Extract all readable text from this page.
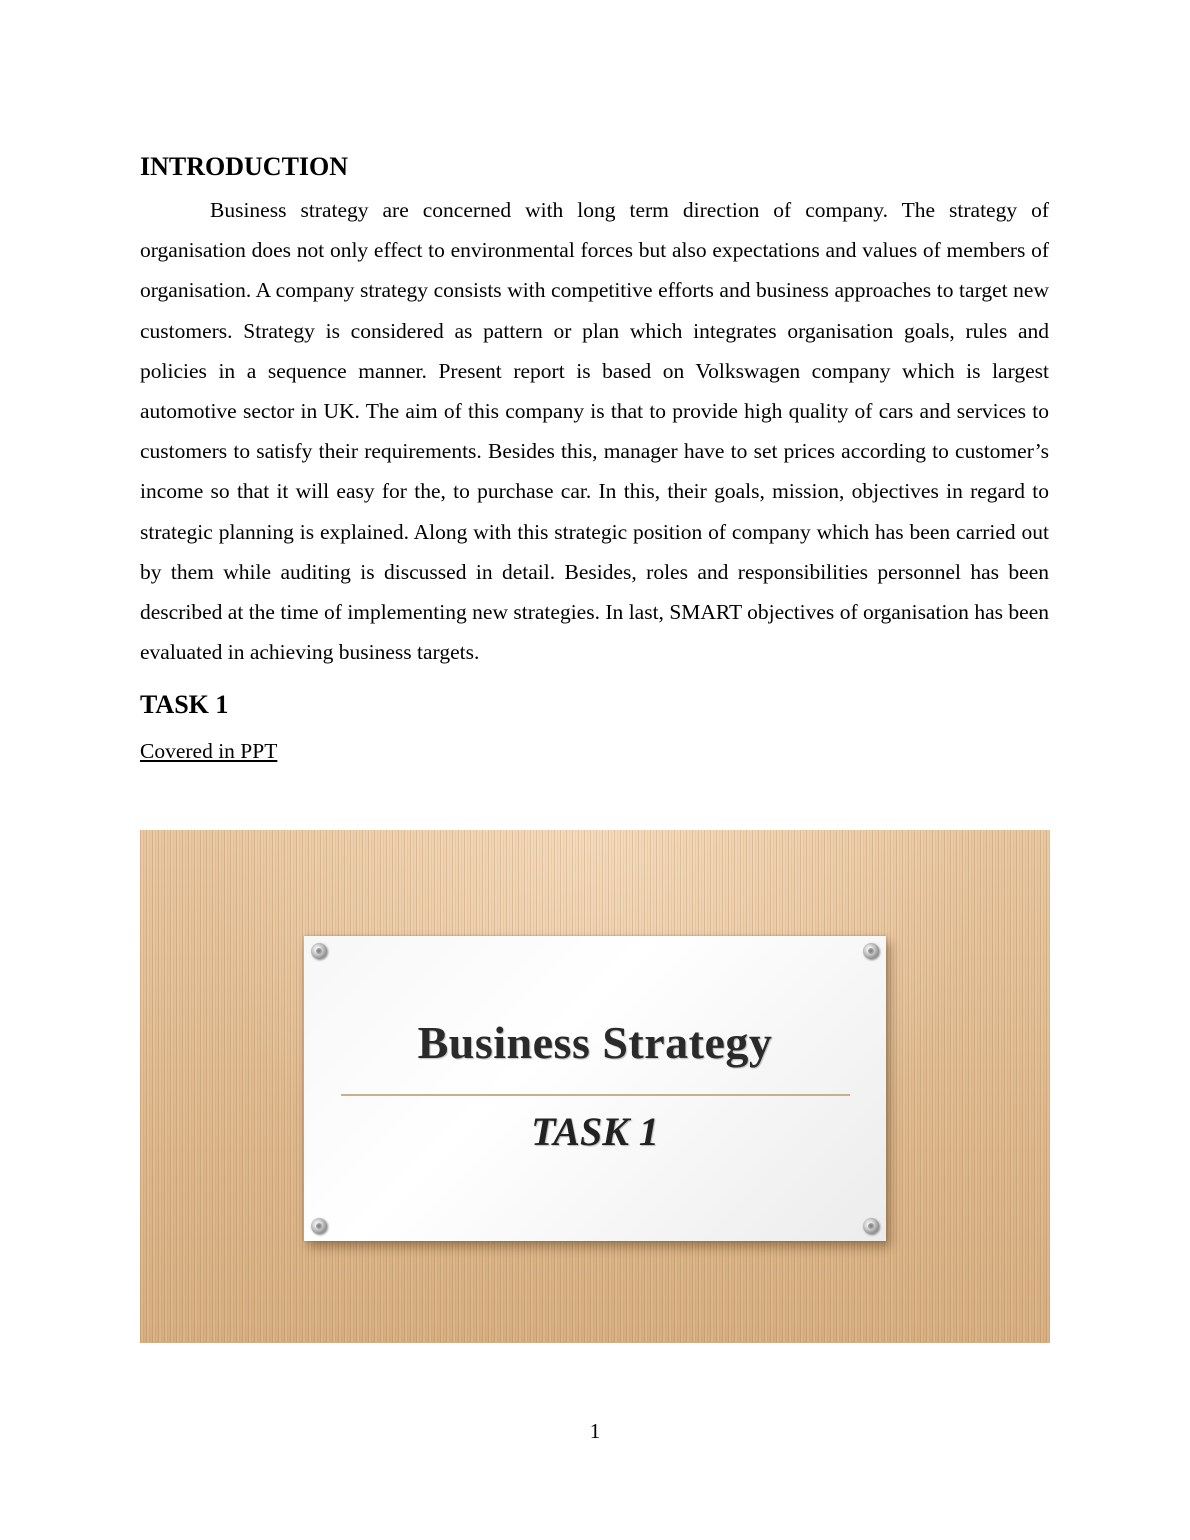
INTRODUCTION

Business strategy are concerned with long term direction of company. The strategy of organisation does not only effect to environmental forces but also expectations and values of members of organisation. A company strategy consists with competitive efforts and business approaches to target new customers. Strategy is considered as pattern or plan which integrates organisation goals, rules and policies in a sequence manner. Present report is based on Volkswagen company which is largest automotive sector in UK. The aim of this company is that to provide high quality of cars and services to customers to satisfy their requirements. Besides this, manager have to set prices according to customer’s income so that it will easy for the, to purchase car. In this, their goals, mission, objectives in regard to strategic planning is explained. Along with this strategic position of company which has been carried out by them while auditing is discussed in detail. Besides, roles and responsibilities personnel has been described at the time of implementing new strategies. In last, SMART objectives of organisation has been evaluated in achieving business targets.

TASK 1
Covered in PPT
Business Strategy
TASK 1
1
